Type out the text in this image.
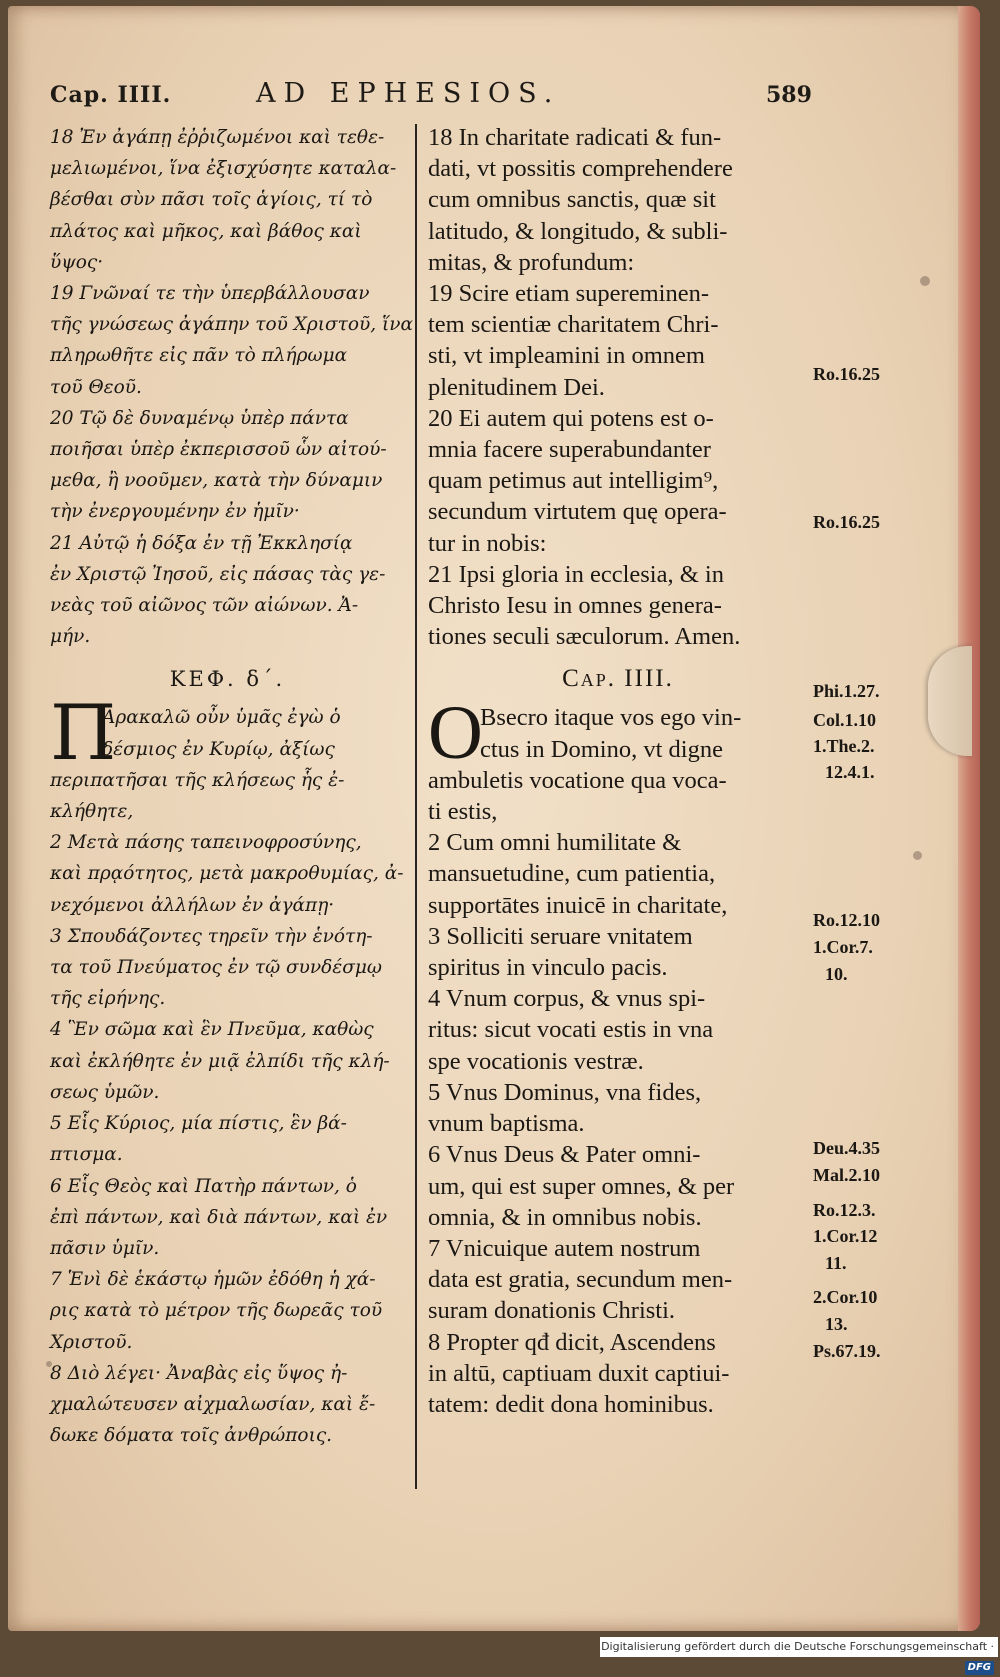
Cap. IIII.	AD EPHESIOS.	589
18 Ἐν ἀγάπῃ ἐῤῥιζωμένοι καὶ τεθε-
μελιωμένοι, ἵνα ἐξισχύσητε καταλα-
βέσθαι σὺν πᾶσι τοῖς ἁγίοις, τί τὸ
πλάτος καὶ μῆκος, καὶ βάθος καὶ
ὕψος·
19 Γνῶναί τε τὴν ὑπερβάλλουσαν
τῆς γνώσεως ἀγάπην τοῦ Χριστοῦ, ἵνα
πληρωθῆτε εἰς πᾶν τὸ πλήρωμα
τοῦ Θεοῦ.
20 Τῷ δὲ δυναμένῳ ὑπὲρ πάντα
ποιῆσαι ὑπὲρ ἐκπερισσοῦ ὧν αἰτού-
μεθα, ἢ νοοῦμεν, κατὰ τὴν δύναμιν
τὴν ἐνεργουμένην ἐν ἡμῖν·
21 Αὐτῷ ἡ δόξα ἐν τῇ Ἐκκλησίᾳ
ἐν Χριστῷ Ἰησοῦ, εἰς πάσας τὰς γε-
νεὰς τοῦ αἰῶνος τῶν αἰώνων. Ἀ-
μήν.
ΚΕΦ. δ΄.
Π
Αρακαλῶ οὖν ὑμᾶς ἐγὼ ὁ
δέσμιος ἐν Κυρίῳ, ἀξίως
περιπατῆσαι τῆς κλήσεως ἧς ἐ-
κλήθητε,
2 Μετὰ πάσης ταπεινοφροσύνης,
καὶ πρᾳότητος, μετὰ μακροθυμίας, ἀ-
νεχόμενοι ἀλλήλων ἐν ἀγάπῃ·
3 Σπουδάζοντες τηρεῖν τὴν ἑνότη-
τα τοῦ Πνεύματος ἐν τῷ συνδέσμῳ
τῆς εἰρήνης.
4 Ἓν σῶμα καὶ ἓν Πνεῦμα, καθὼς
καὶ ἐκλήθητε ἐν μιᾷ ἐλπίδι τῆς κλή-
σεως ὑμῶν.
5 Εἷς Κύριος, μία πίστις, ἓν βά-
πτισμα.
6 Εἷς Θεὸς καὶ Πατὴρ πάντων, ὁ
ἐπὶ πάντων, καὶ διὰ πάντων, καὶ ἐν
πᾶσιν ὑμῖν.
7 Ἑνὶ δὲ ἑκάστῳ ἡμῶν ἐδόθη ἡ χά-
ρις κατὰ τὸ μέτρον τῆς δωρεᾶς τοῦ
Χριστοῦ.
8 Διὸ λέγει· Ἀναβὰς εἰς ὕψος ἠ-
χμαλώτευσεν αἰχμαλωσίαν, καὶ ἔ-
δωκε δόματα τοῖς ἀνθρώποις.
18 In charitate radicati & fun-
dati, vt possitis comprehendere
cum omnibus sanctis, quæ sit
latitudo, & longitudo, & subli-
mitas, & profundum:
19 Scire etiam supereminen-
tem scientiæ charitatem Chri-
sti, vt impleamini in omnem
plenitudinem Dei.
20 Ei autem qui potens est o-
mnia facere superabundanter
quam petimus aut intelligim⁹,
secundum virtutem quę opera-
tur in nobis:
21 Ipsi gloria in ecclesia, & in
Christo Iesu in omnes genera-
tiones seculi sæculorum. Amen.
Cap. IIII.
O
Bsecro itaque vos ego vin-
ctus in Domino, vt digne
ambuletis vocatione qua voca-
ti estis,
2 Cum omni humilitate &
mansuetudine, cum patientia,
supportātes inuicē in charitate,
3 Solliciti seruare vnitatem
spiritus in vinculo pacis.
4 Vnum corpus, & vnus spi-
ritus: sicut vocati estis in vna
spe vocationis vestræ.
5 Vnus Dominus, vna fides,
vnum baptisma.
6 Vnus Deus & Pater omni-
um, qui est super omnes, & per
omnia, & in omnibus nobis.
7 Vnicuique autem nostrum
data est gratia, secundum men-
suram donationis Christi.
8 Propter qđ dicit, Ascendens
in altū, captiuam duxit captiui-
tatem: dedit dona hominibus.
Ro.16.25
Ro.16.25
Phi.1.27.
Col.1.10
1.The.2.
12.4.1.
Ro.12.10
1.Cor.7.
10.
Deu.4.35
Mal.2.10
Ro.12.3.
1.Cor.12
11.
2.Cor.10
13.
Ps.67.19.
Digitalisierung gefördert durch die Deutsche Forschungsgemeinschaft · DFG
